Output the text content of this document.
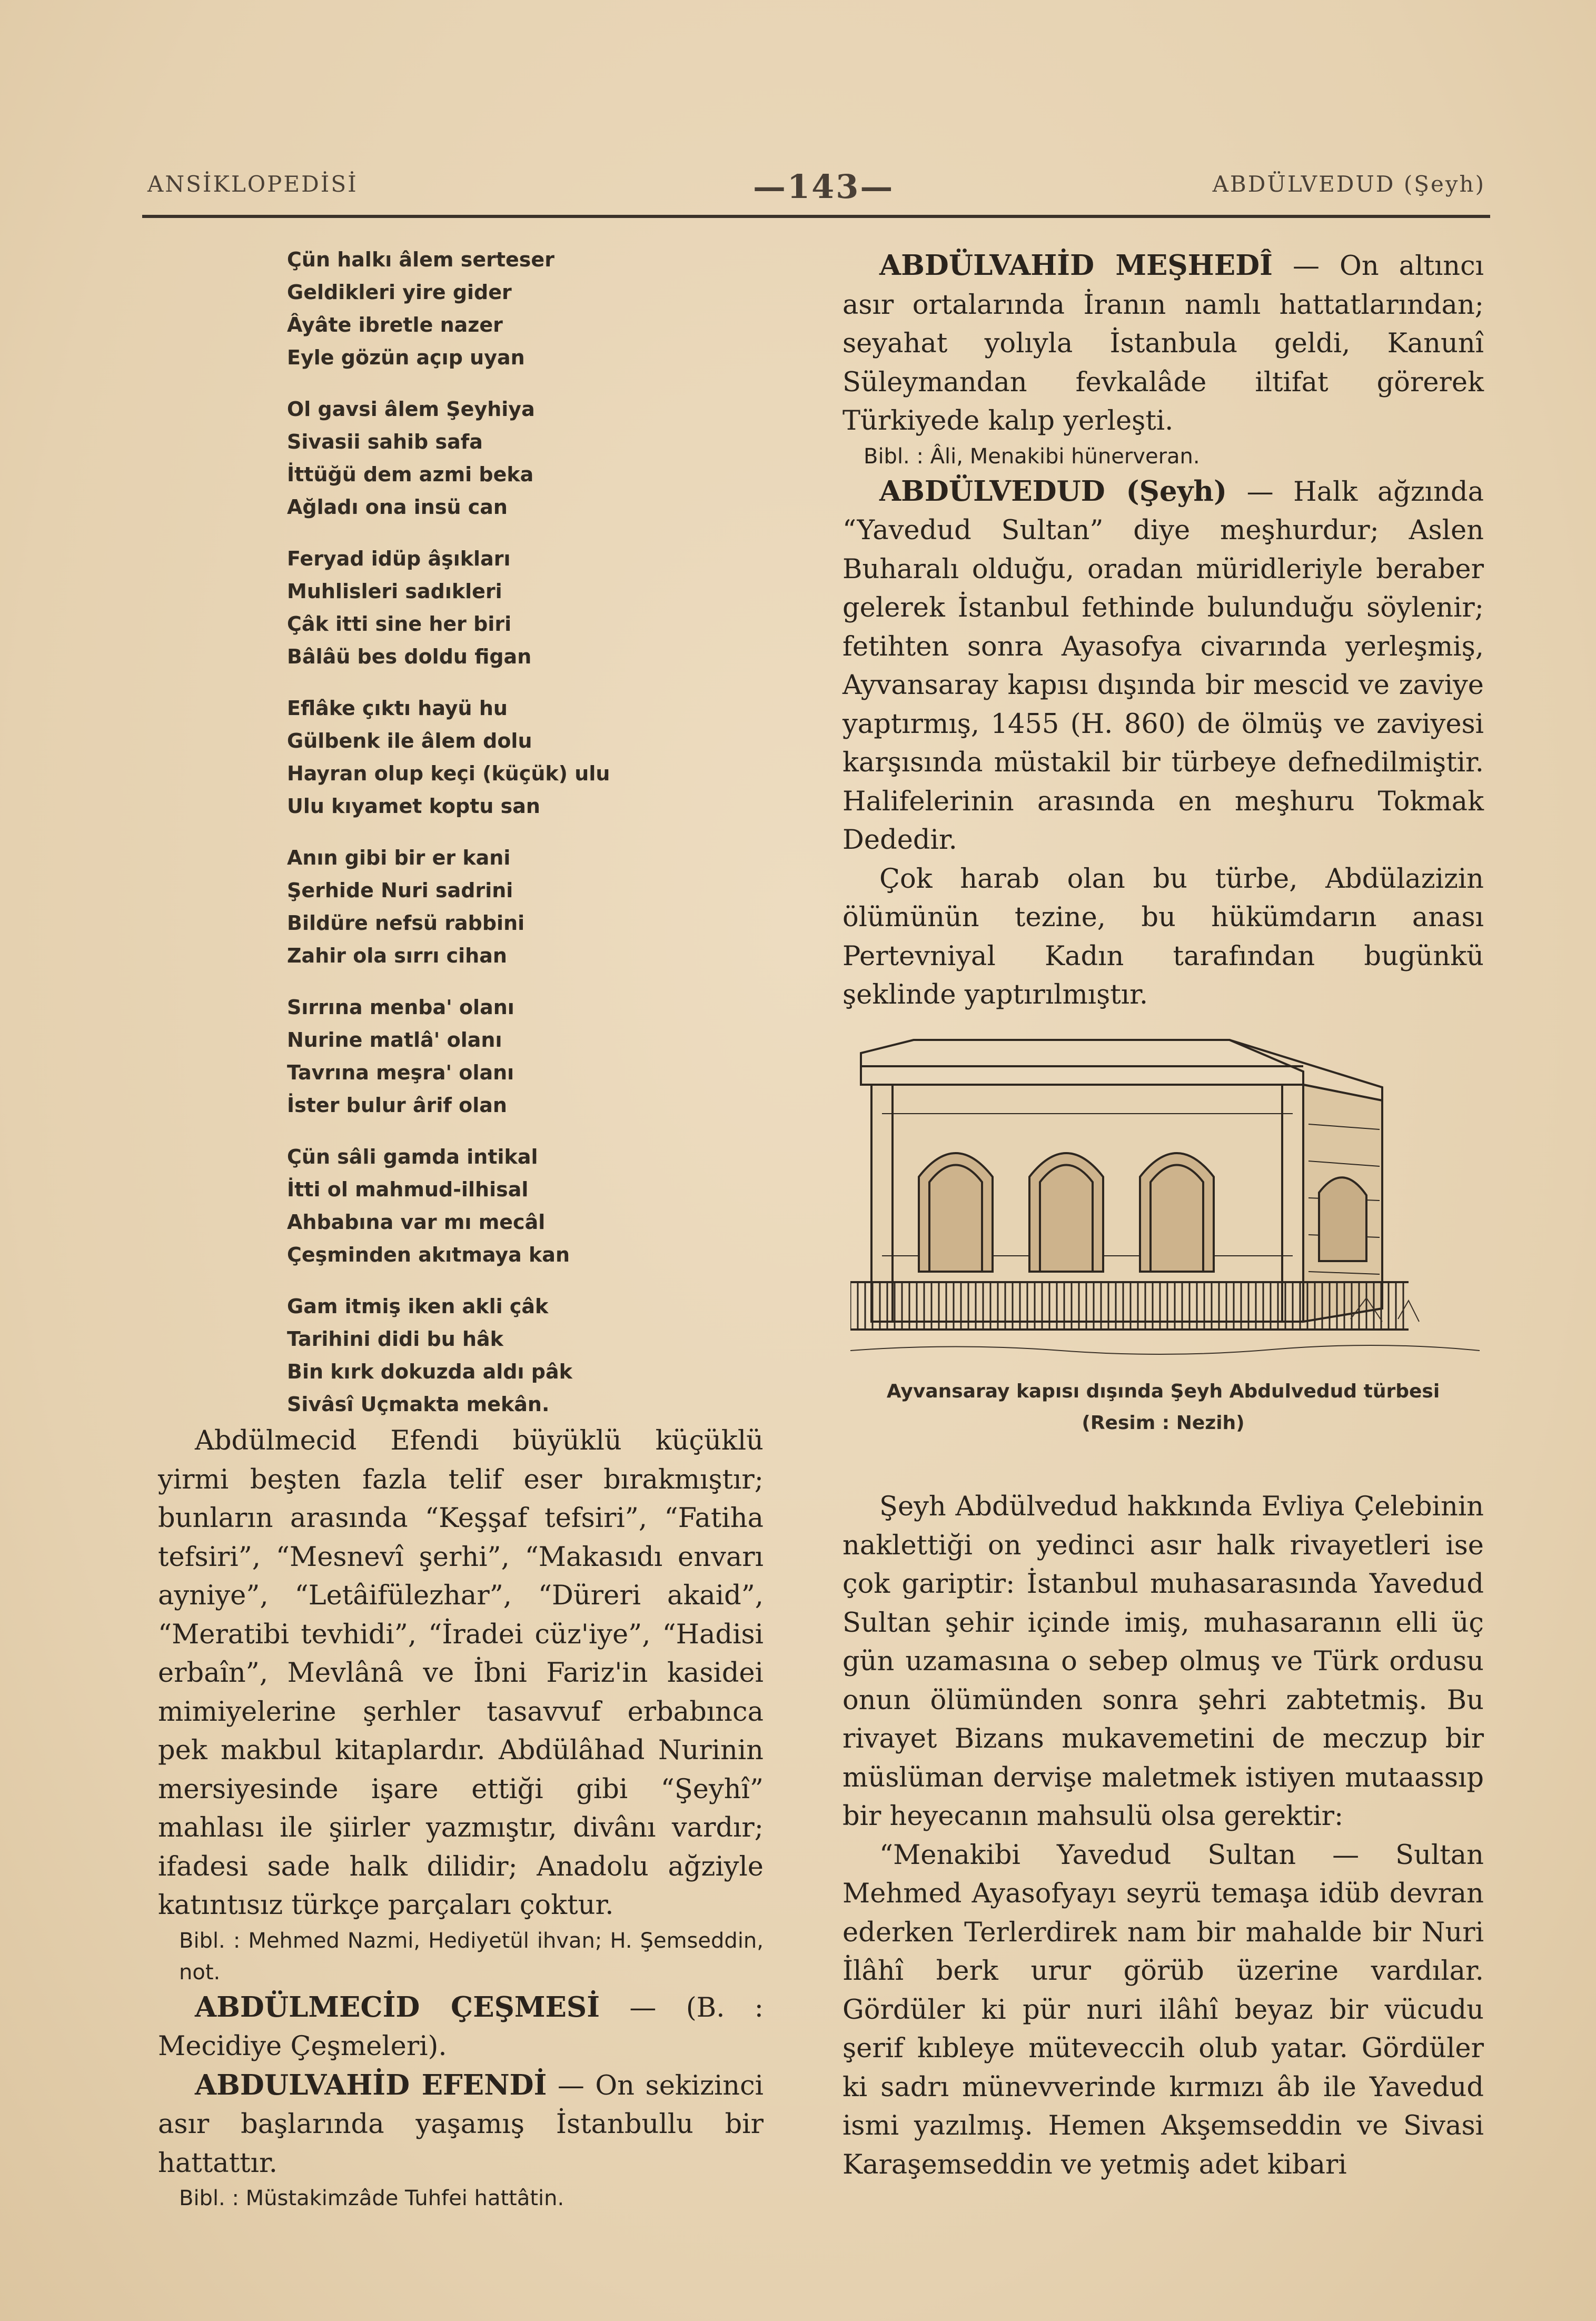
ANSİKLOPEDİSİ	—143—	ABDÜLVEDUD (Şeyh)
Çün halkı âlem serteser
Geldikleri yire gider
Âyâte ibretle nazer
Eyle gözün açıp uyan
Ol gavsi âlem Şeyhiya
Sivasii sahib safa
İttüğü dem azmi beka
Ağladı ona insü can
Feryad idüp âşıkları
Muhlisleri sadıkleri
Çâk itti sine her biri
Bâlâü bes doldu figan
Eflâke çıktı hayü hu
Gülbenk ile âlem dolu
Hayran olup keçi (küçük) ulu
Ulu kıyamet koptu san
Anın gibi bir er kani
Şerhide Nuri sadrini
Bildüre nefsü rabbini
Zahir ola sırrı cihan
Sırrına menba' olanı
Nurine matlâ' olanı
Tavrına meşra' olanı
İster bulur ârif olan
Çün sâli gamda intikal
İtti ol mahmud-ilhisal
Ahbabına var mı mecâl
Çeşminden akıtmaya kan
Gam itmiş iken akli çâk
Tarihini didi bu hâk
Bin kırk dokuzda aldı pâk
Sivâsî Uçmakta mekân.

Abdülmecid Efendi büyüklü küçüklü yirmi beşten fazla telif eser bırakmıştır; bunların arasında “Keşşaf tefsiri”, “Fatiha tefsiri”, “Mesnevî şerhi”, “Makasıdı envarı ayniye”, “Letâifülezhar”, “Düreri akaid”, “Meratibi tevhidi”, “İradei cüz'iye”, “Hadisi erbaîn”, Mevlânâ ve İbni Fariz'in kasidei mimiyelerine şerhler tasavvuf erbabınca pek makbul kitaplardır. Abdülâhad Nurinin mersiyesinde işare ettiği gibi “Şeyhî” mahlası ile şiirler yazmıştır, divânı vardır; ifadesi sade halk dilidir; Anadolu ağziyle katıntısız türkçe parçaları çoktur.

Bibl. : Mehmed Nazmi, Hediyetül ihvan; H. Şemseddin, not.

ABDÜLMECİD ÇEŞMESİ — (B. : Mecidiye Çeşmeleri).

ABDULVAHİD EFENDİ — On sekizinci asır başlarında yaşamış İstanbullu bir hattattır.

Bibl. : Müstakimzâde Tuhfei hattâtin.

ABDÜLVAHİD MEŞHEDÎ — On altıncı asır ortalarında İranın namlı hattatlarından; seyahat yolıyla İstanbula geldi, Kanunî Süleymandan fevkalâde iltifat görerek Türkiyede kalıp yerleşti.

Bibl. : Âli, Menakibi hünerveran.

ABDÜLVEDUD (Şeyh) — Halk ağzında “Yavedud Sultan” diye meşhurdur; Aslen Buharalı olduğu, oradan müridleriyle beraber gelerek İstanbul fethinde bulunduğu söylenir; fetihten sonra Ayasofya civarında yerleşmiş, Ayvansaray kapısı dışında bir mescid ve zaviye yaptırmış, 1455 (H. 860) de ölmüş ve zaviyesi karşısında müstakil bir türbeye defnedilmiştir. Halifelerinin arasında en meşhuru Tokmak Dededir.

Çok harab olan bu türbe, Abdülazizin ölümünün tezine, bu hükümdarın anası Pertevniyal Kadın tarafından bugünkü şeklinde yaptırılmıştır.

Ayvansaray kapısı dışında Şeyh Abdulvedud türbesi
(Resim : Nezih)

Şeyh Abdülvedud hakkında Evliya Çelebinin naklettiği on yedinci asır halk rivayetleri ise çok gariptir: İstanbul muhasarasında Yavedud Sultan şehir içinde imiş, muhasaranın elli üç gün uzamasına o sebep olmuş ve Türk ordusu onun ölümünden sonra şehri zabtetmiş. Bu rivayet Bizans mukavemetini de meczup bir müslüman dervişe maletmek istiyen mutaassıp bir heyecanın mahsulü olsa gerektir:

“Menakibi Yavedud Sultan — Sultan Mehmed Ayasofyayı seyrü temaşa idüb devran ederken Terlerdirek nam bir mahalde bir Nuri İlâhî berk urur görüb üzerine vardılar. Gördüler ki pür nuri ilâhî beyaz bir vücudu şerif kıbleye müteveccih olub yatar. Gördüler ki sadrı münevverinde kırmızı âb ile Yavedud ismi yazılmış. Hemen Akşemseddin ve Sivasi Karaşemseddin ve yetmiş adet kibari
